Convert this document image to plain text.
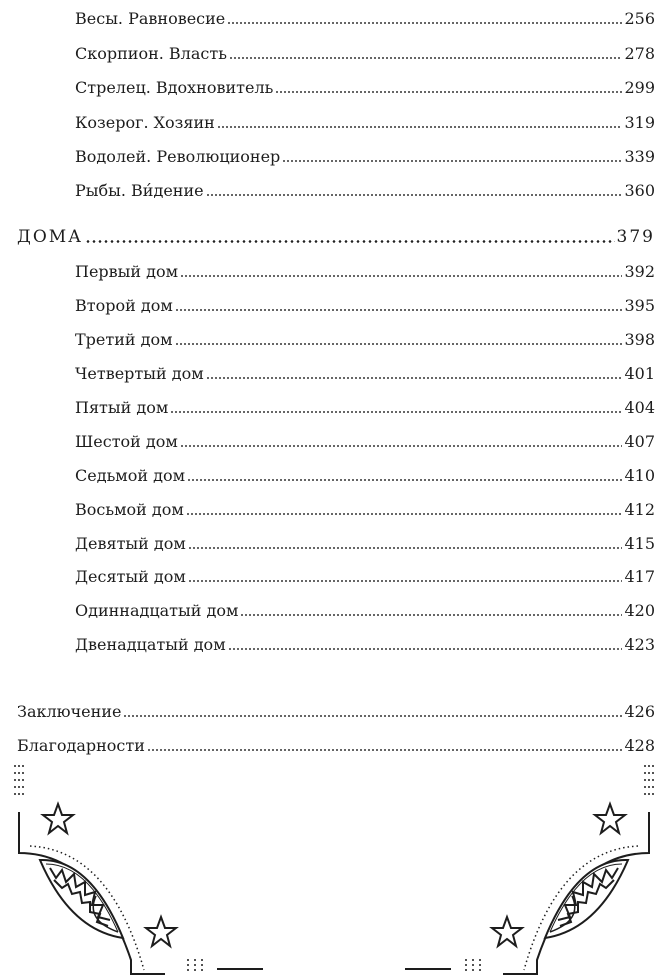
Весы. Равновесие	256
Скорпион. Власть	278
Стрелец. Вдохновитель	299
Козерог. Хозяин	319
Водолей. Революционер	339
Рыбы. Ви́дение	360
ДОМА	379
Первый дом	392
Второй дом	395
Третий дом	398
Четвертый дом	401
Пятый дом	404
Шестой дом	407
Седьмой дом	410
Восьмой дом	412
Девятый дом	415
Десятый дом	417
Одиннадцатый дом	420
Двенадцатый дом	423
Заключение	426
Благодарности	428
